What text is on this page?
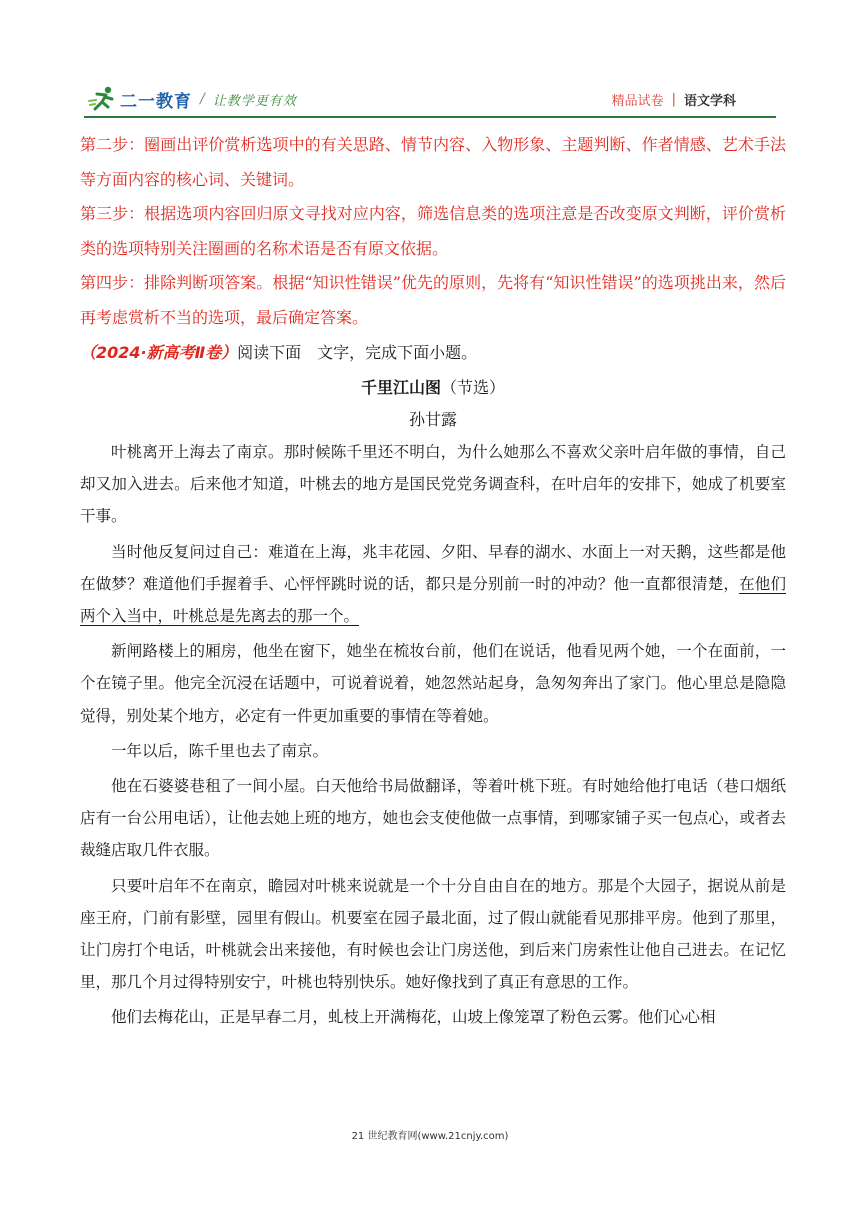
二一教育 / 让教学更有效	精品试卷 | 语文学科

第二步：圈画出评价赏析选项中的有关思路、情节内容、入物形象、主题判断、作者情感、艺术手法等方面内容的核心词、关键词。

第三步：根据选项内容回归原文寻找对应内容，筛选信息类的选项注意是否改变原文判断，评价赏析类的选项特别关注圈画的名称术语是否有原文依据。

第四步：排除判断项答案。根据“知识性错误”优先的原则，先将有“知识性错误”的选项挑出来，然后再考虑赏析不当的选项，最后确定答案。

（2024·新高考Ⅱ卷）阅读下面　文字，完成下面小题。

千里江山图（节选）

孙甘露

叶桃离开上海去了南京。那时候陈千里还不明白，为什么她那么不喜欢父亲叶启年做的事情，自己却又加入进去。后来他才知道，叶桃去的地方是国民党党务调查科，在叶启年的安排下，她成了机要室干事。

当时他反复问过自己：难道在上海，兆丰花园、夕阳、早春的湖水、水面上一对天鹅，这些都是他在做梦？难道他们手握着手、心怦怦跳时说的话，都只是分别前一时的冲动？他一直都很清楚，在他们两个入当中，叶桃总是先离去的那一个。

新闸路楼上的厢房，他坐在窗下，她坐在梳妆台前，他们在说话，他看见两个她，一个在面前，一个在镜子里。他完全沉浸在话题中，可说着说着，她忽然站起身，急匆匆奔出了家门。他心里总是隐隐觉得，别处某个地方，必定有一件更加重要的事情在等着她。

一年以后，陈千里也去了南京。

他在石婆婆巷租了一间小屋。白天他给书局做翻译，等着叶桃下班。有时她给他打电话（巷口烟纸店有一台公用电话），让他去她上班的地方，她也会支使他做一点事情，到哪家铺子买一包点心，或者去裁缝店取几件衣服。

只要叶启年不在南京，瞻园对叶桃来说就是一个十分自由自在的地方。那是个大园子，据说从前是座王府，门前有影壁，园里有假山。机要室在园子最北面，过了假山就能看见那排平房。他到了那里，让门房打个电话，叶桃就会出来接他，有时候也会让门房送他，到后来门房索性让他自己进去。在记忆里，那几个月过得特别安宁，叶桃也特别快乐。她好像找到了真正有意思的工作。

他们去梅花山，正是早春二月，虬枝上开满梅花，山坡上像笼罩了粉色云雾。他们心心相

21 世纪教育网(www.21cnjy.com)
